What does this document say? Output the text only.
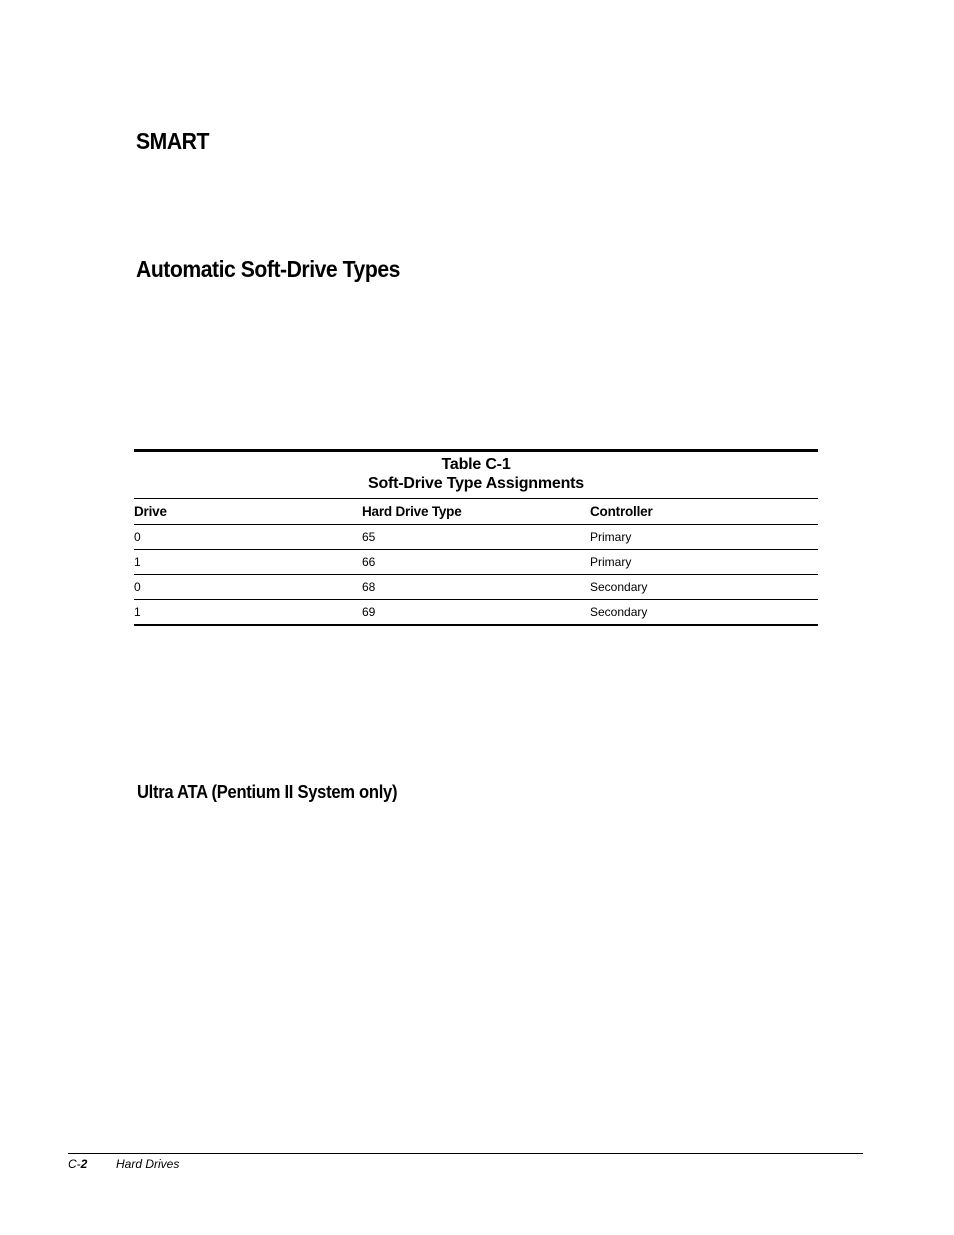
SMART
Automatic Soft-Drive Types
Table C-1
Soft-Drive Type Assignments
Drive	Hard Drive Type	Controller
0	65	Primary
1	66	Primary
0	68	Secondary
1	69	Secondary
Ultra ATA (Pentium II System only)
C-2 Hard Drives
